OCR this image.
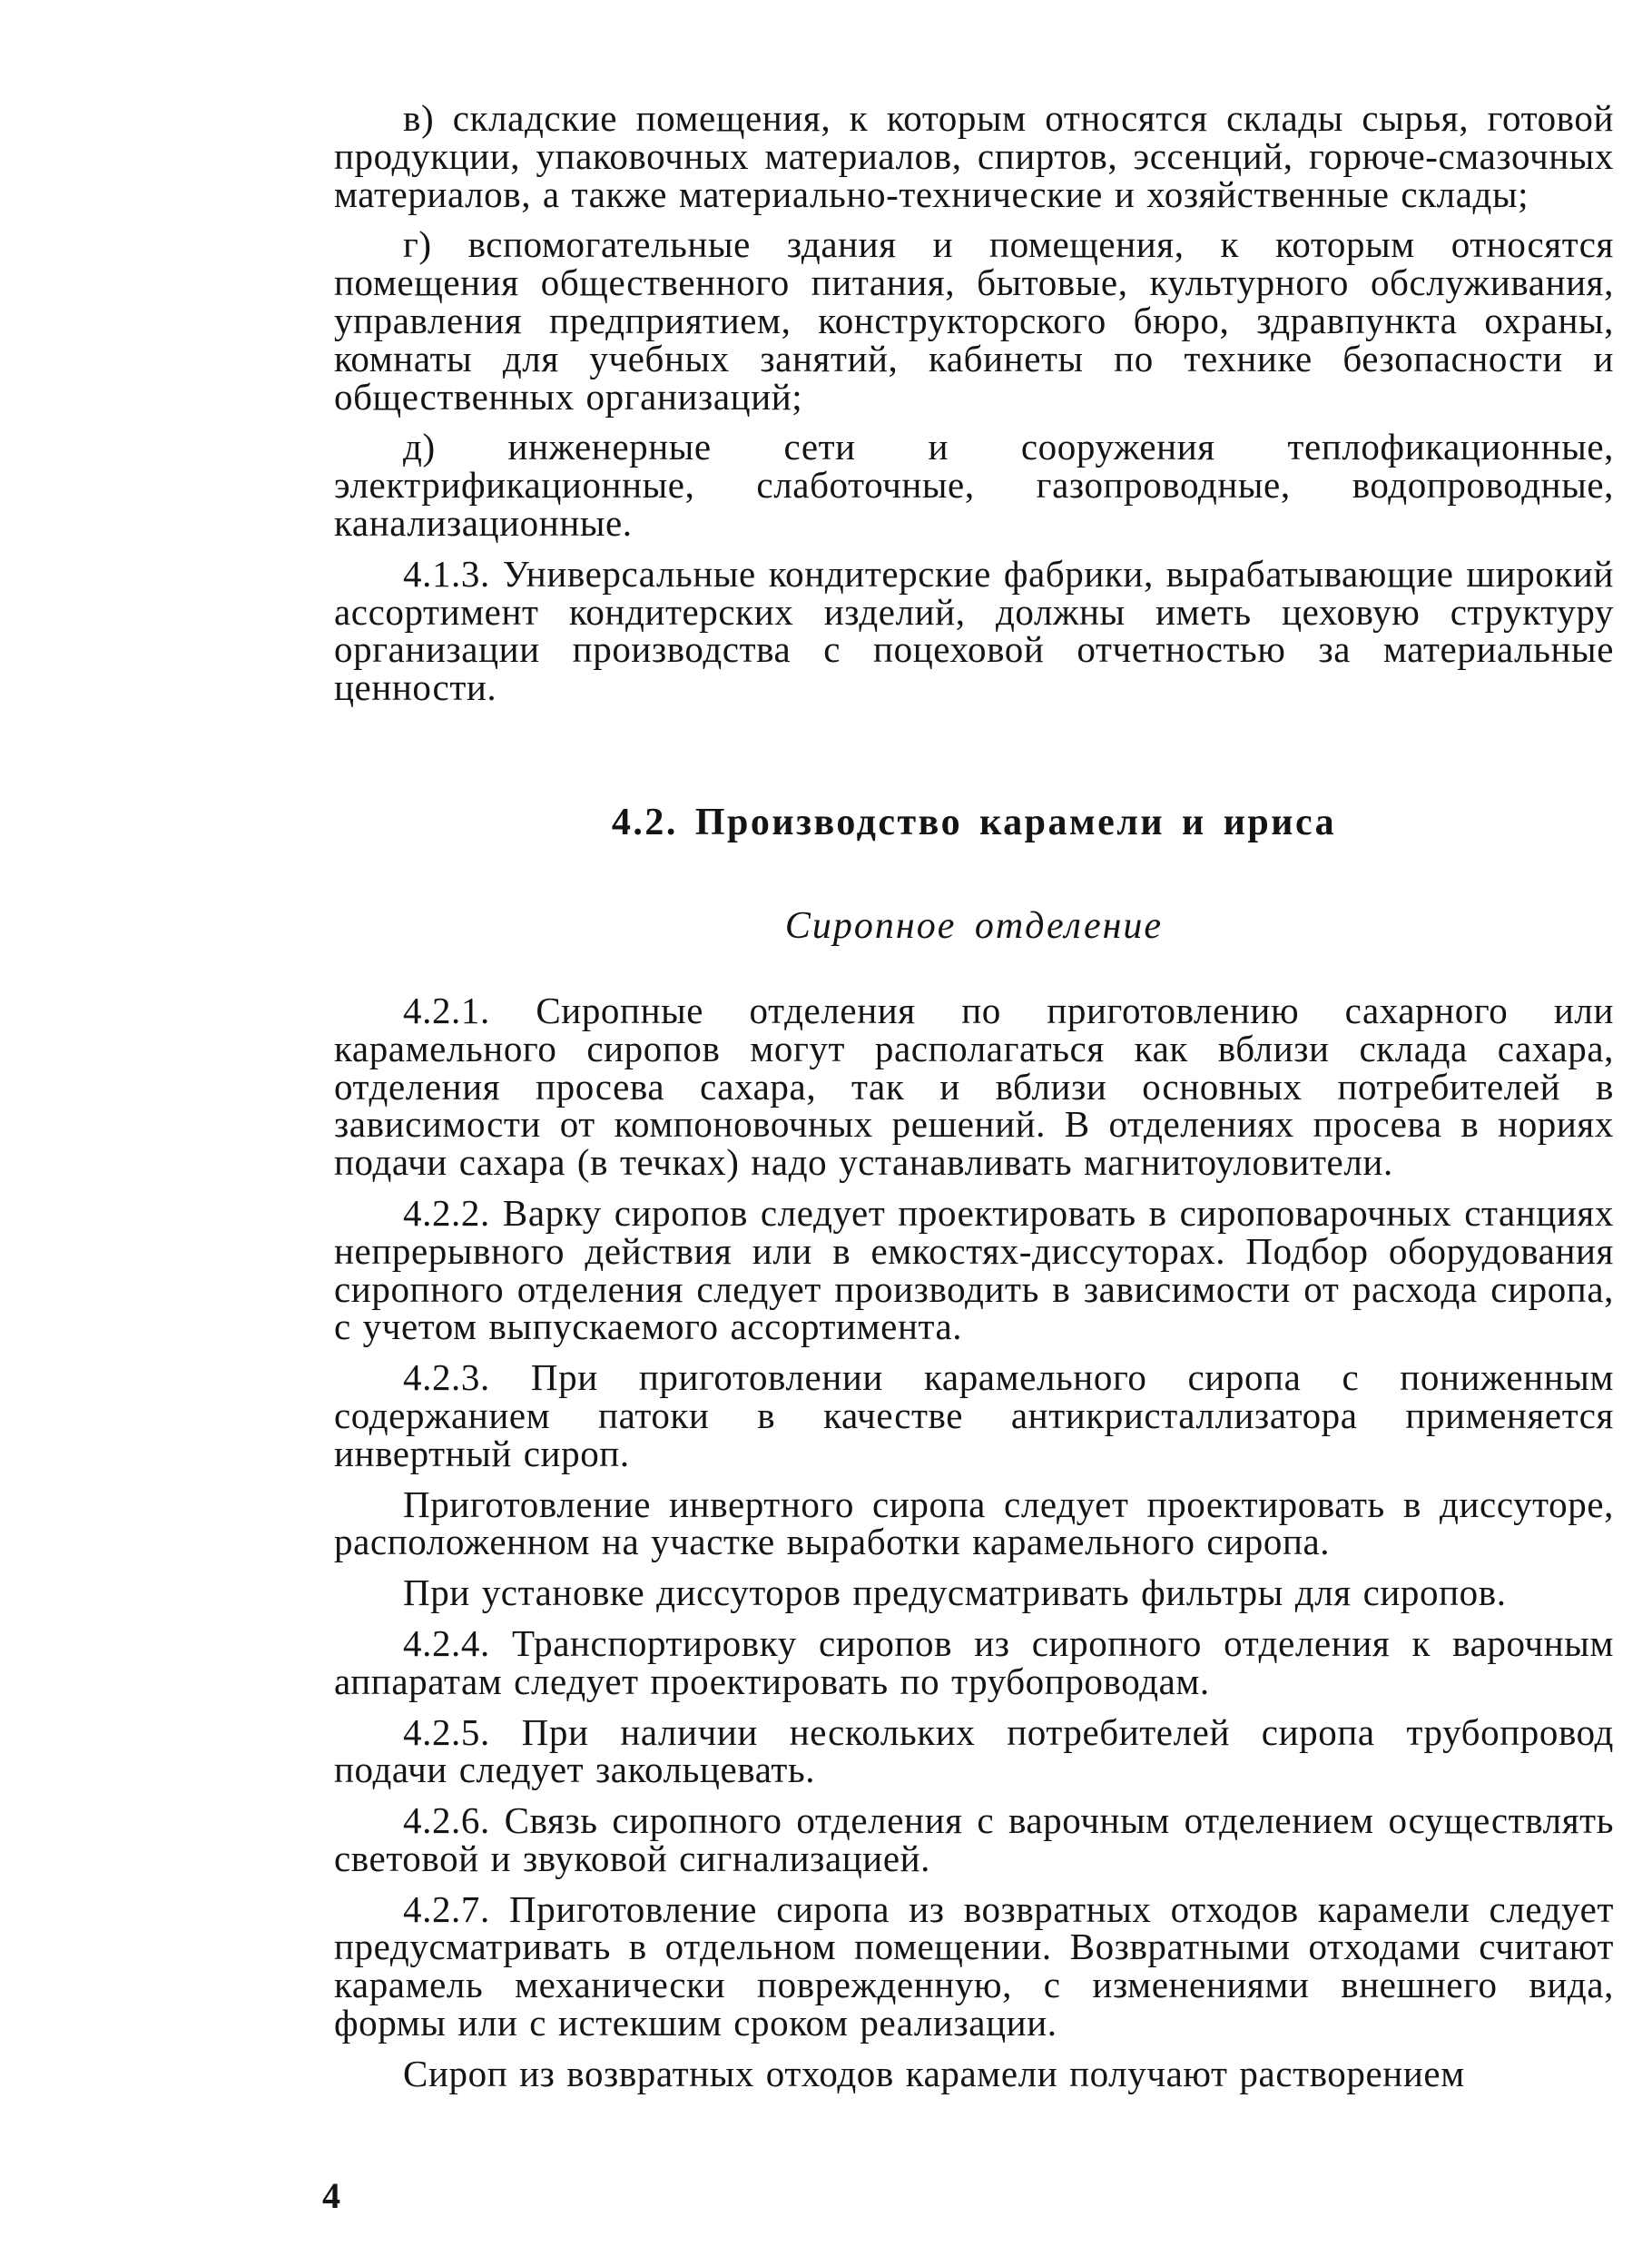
в) складские помещения, к которым относятся склады сырья, готовой продукции, упаковочных материалов, спиртов, эссенций, горюче-смазочных материалов, а также материально-технические и хозяйственные склады;

г) вспомогательные здания и помещения, к которым относятся помещения общественного питания, бытовые, культурного обслуживания, управления предприятием, конструкторского бюро, здравпункта охраны, комнаты для учебных занятий, кабинеты по технике безопасности и общественных организаций;

д) инженерные сети и сооружения теплофикационные, электрификационные, слаботочные, газопроводные, водопроводные, канализационные.

4.1.3. Универсальные кондитерские фабрики, вырабатывающие широкий ассортимент кондитерских изделий, должны иметь цеховую структуру организации производства с поцеховой отчетностью за материальные ценности.

4.2. Производство карамели и ириса
Сиропное отделение

4.2.1. Сиропные отделения по приготовлению сахарного или карамельного сиропов могут располагаться как вблизи склада сахара, отделения просева сахара, так и вблизи основных потребителей в зависимости от компоновочных решений. В отделениях просева в нориях подачи сахара (в течках) надо устанавливать магнитоуловители.

4.2.2. Варку сиропов следует проектировать в сироповарочных станциях непрерывного действия или в емкостях-диссуторах. Подбор оборудования сиропного отделения следует производить в зависимости от расхода сиропа, с учетом выпускаемого ассортимента.

4.2.3. При приготовлении карамельного сиропа с пониженным содержанием патоки в качестве антикристаллизатора применяется инвертный сироп.

Приготовление инвертного сиропа следует проектировать в диссуторе, расположенном на участке выработки карамельного сиропа.

При установке диссуторов предусматривать фильтры для сиропов.

4.2.4. Транспортировку сиропов из сиропного отделения к варочным аппаратам следует проектировать по трубопроводам.

4.2.5. При наличии нескольких потребителей сиропа трубопровод подачи следует закольцевать.

4.2.6. Связь сиропного отделения с варочным отделением осуществлять световой и звуковой сигнализацией.

4.2.7. Приготовление сиропа из возвратных отходов карамели следует предусматривать в отдельном помещении. Возвратными отходами считают карамель механически поврежденную, с изменениями внешнего вида, формы или с истекшим сроком реализации.

Сироп из возвратных отходов карамели получают растворением

4
